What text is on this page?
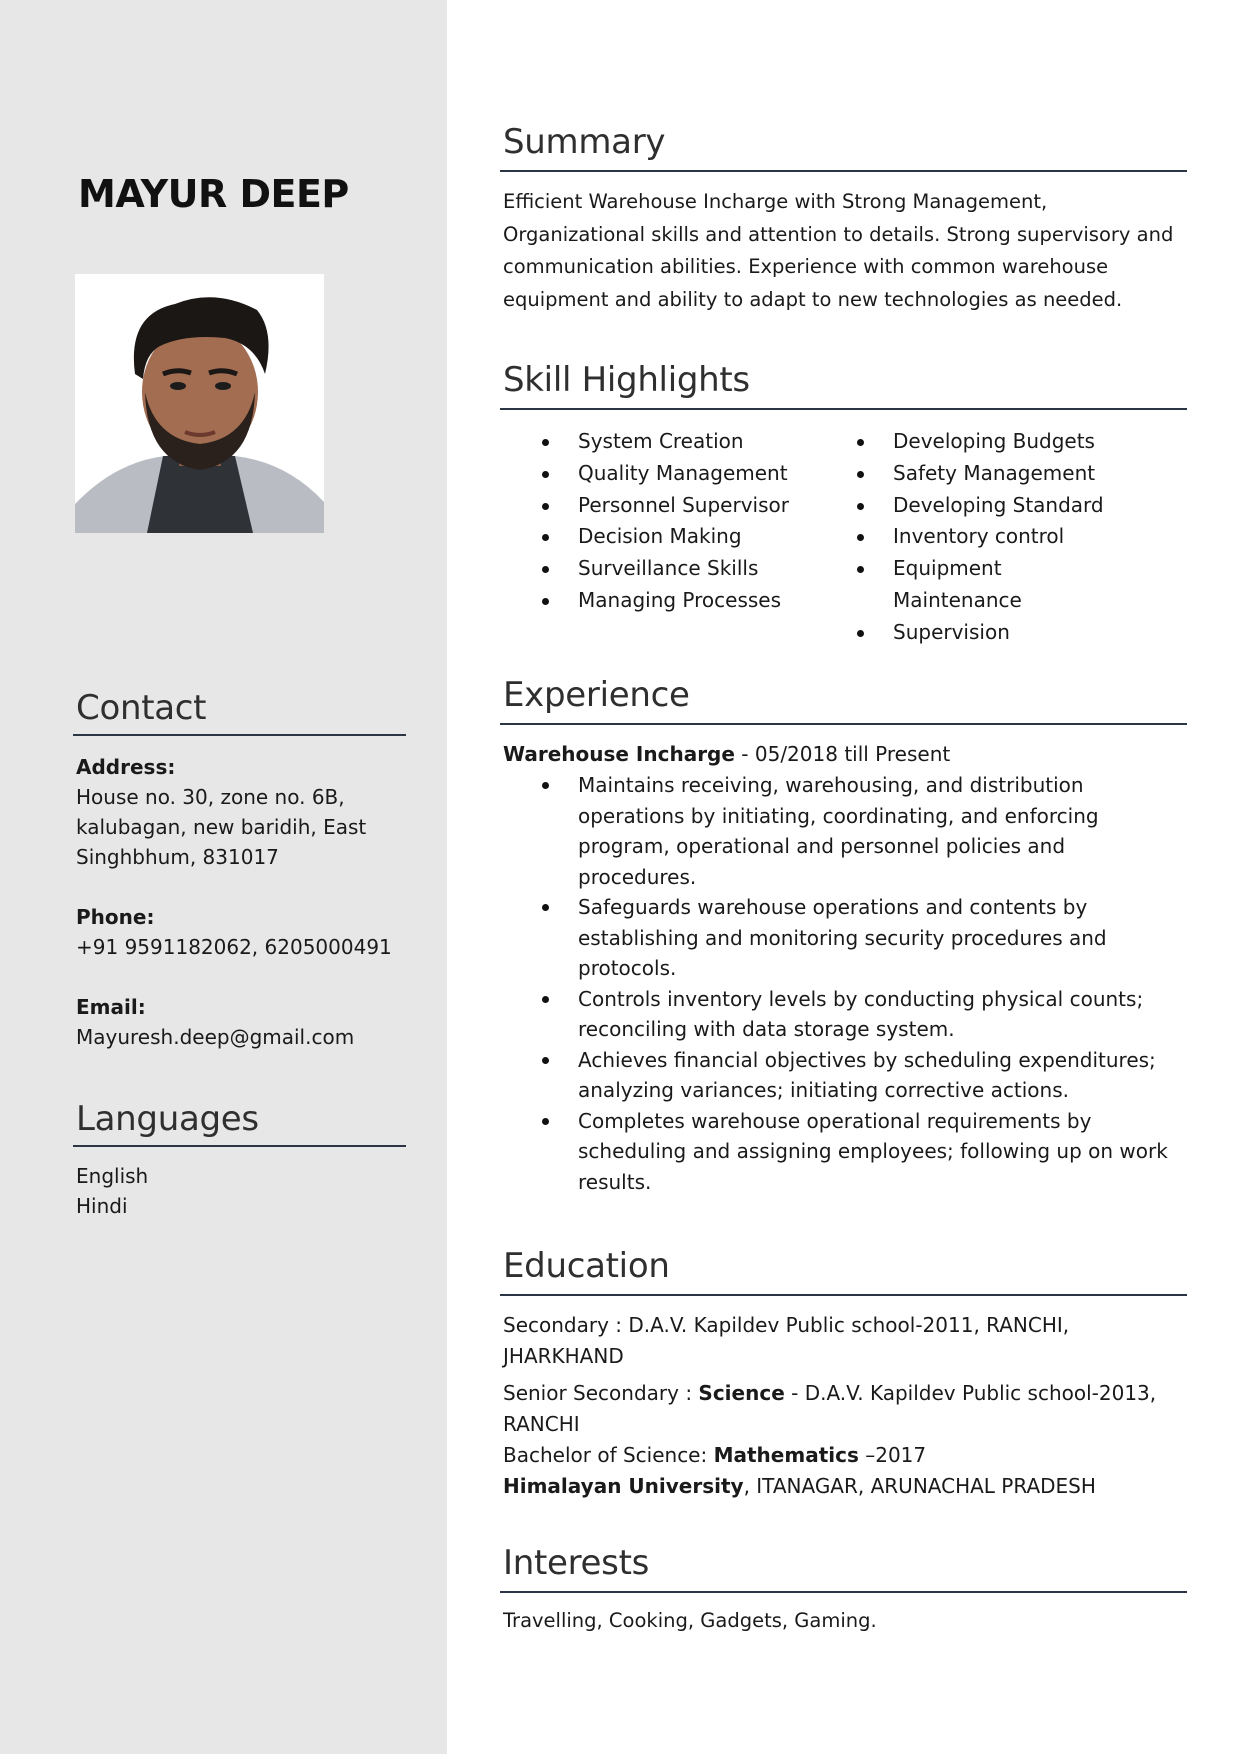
MAYUR DEEP
Contact
Address:
House no. 30, zone no. 6B,
kalubagan, new baridih, East
Singhbhum, 831017
Phone:
+91 9591182062, 6205000491
Email:
Mayuresh.deep@gmail.com
Languages
English
Hindi
Summary
Efficient Warehouse Incharge with Strong Management, Organizational skills and attention to details. Strong supervisory and communication abilities. Experience with common warehouse equipment and ability to adapt to new technologies as needed.
Skill Highlights
System Creation
Quality Management
Personnel Supervisor
Decision Making
Surveillance Skills
Managing Processes
Developing Budgets
Safety Management
Developing Standard
Inventory control
Equipment Maintenance
Supervision
Experience
Warehouse Incharge - 05/2018 till Present
Maintains receiving, warehousing, and distribution operations by initiating, coordinating, and enforcing program, operational and personnel policies and procedures.
Safeguards warehouse operations and contents by establishing and monitoring security procedures and protocols.
Controls inventory levels by conducting physical counts; reconciling with data storage system.
Achieves financial objectives by scheduling expenditures; analyzing variances; initiating corrective actions.
Completes warehouse operational requirements by scheduling and assigning employees; following up on work results.
Education
Secondary : D.A.V. Kapildev Public school-2011, RANCHI, JHARKHAND
Senior Secondary : Science - D.A.V. Kapildev Public school-2013, RANCHI
Bachelor of Science: Mathematics –2017
Himalayan University, ITANAGAR, ARUNACHAL PRADESH
Interests
Travelling, Cooking, Gadgets, Gaming.
